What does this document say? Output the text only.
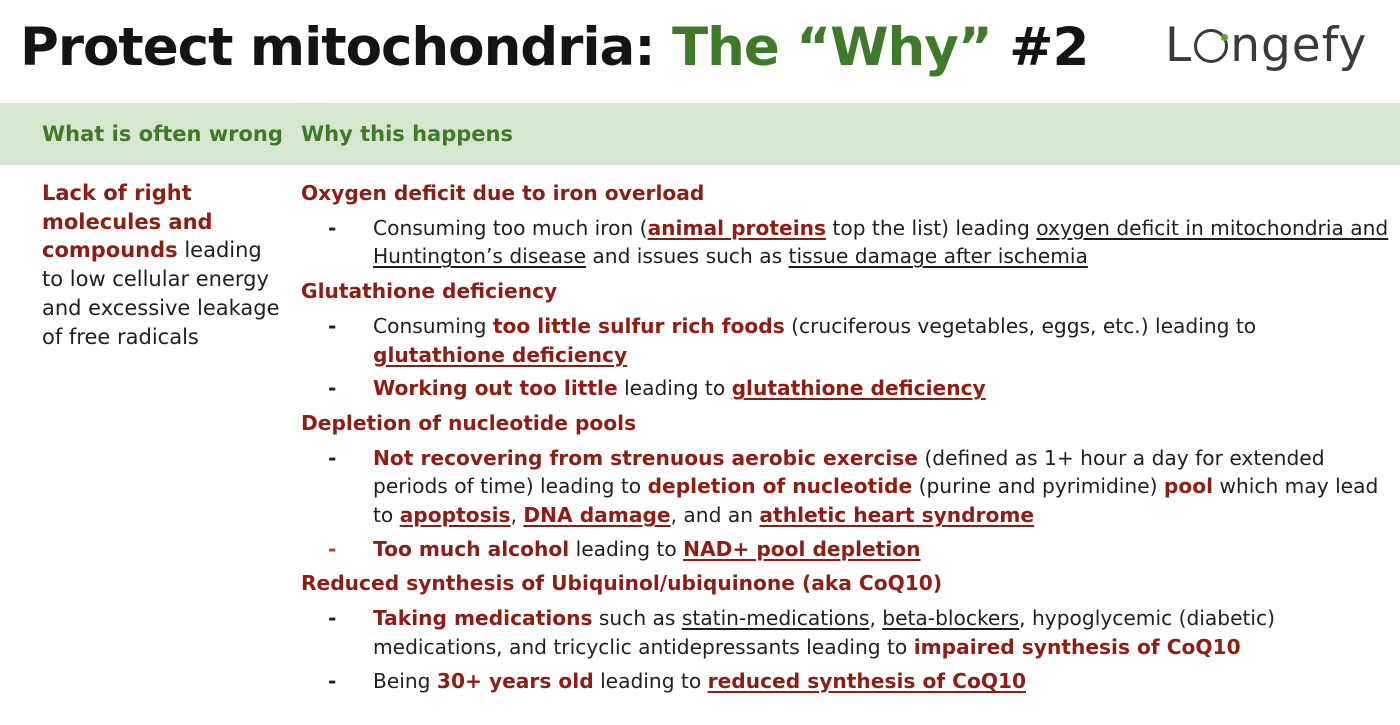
Protect mitochondria: The “Why” #2 L ngefy
What is often wrong Why this happens
Lack of right molecules and compounds leading to low cellular energy and excessive leakage of free radicals
Oxygen deficit due to iron overload
- Consuming too much iron (animal proteins top the list) leading oxygen deficit in mitochondria and Huntington’s disease and issues such as tissue damage after ischemia
Glutathione deficiency
- Consuming too little sulfur rich foods (cruciferous vegetables, eggs, etc.) leading to glutathione deficiency
- Working out too little leading to glutathione deficiency
Depletion of nucleotide pools
- Not recovering from strenuous aerobic exercise (defined as 1+ hour a day for extended periods of time) leading to depletion of nucleotide (purine and pyrimidine) pool which may lead to apoptosis, DNA damage, and an athletic heart syndrome
- Too much alcohol leading to NAD+ pool depletion
Reduced synthesis of Ubiquinol/ubiquinone (aka CoQ10)
- Taking medications such as statin-medications, beta-blockers, hypoglycemic (diabetic) medications, and tricyclic antidepressants leading to impaired synthesis of CoQ10
- Being 30+ years old leading to reduced synthesis of CoQ10
